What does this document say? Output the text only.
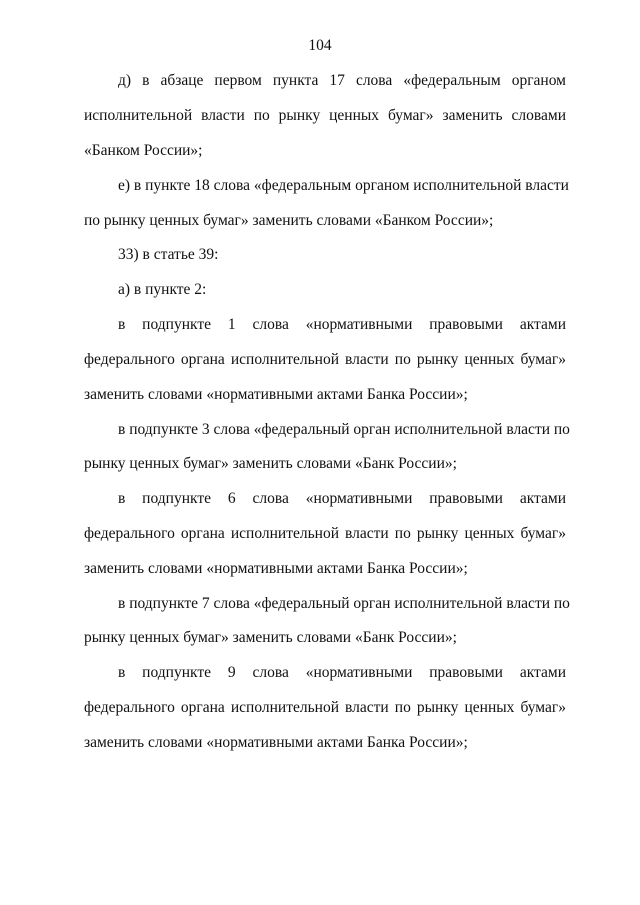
104
д) в абзаце первом пункта 17 слова «федеральным органом
исполнительной власти по рынку ценных бумаг» заменить словами
«Банком России»;
е) в пункте 18 слова «федеральным органом исполнительной власти
по рынку ценных бумаг» заменить словами «Банком России»;
33) в статье 39:
а) в пункте 2:
в подпункте 1 слова «нормативными правовыми актами
федерального органа исполнительной власти по рынку ценных бумаг»
заменить словами «нормативными актами Банка России»;
в подпункте 3 слова «федеральный орган исполнительной власти по
рынку ценных бумаг» заменить словами «Банк России»;
в подпункте 6 слова «нормативными правовыми актами
федерального органа исполнительной власти по рынку ценных бумаг»
заменить словами «нормативными актами Банка России»;
в подпункте 7 слова «федеральный орган исполнительной власти по
рынку ценных бумаг» заменить словами «Банк России»;
в подпункте 9 слова «нормативными правовыми актами
федерального органа исполнительной власти по рынку ценных бумаг»
заменить словами «нормативными актами Банка России»;
